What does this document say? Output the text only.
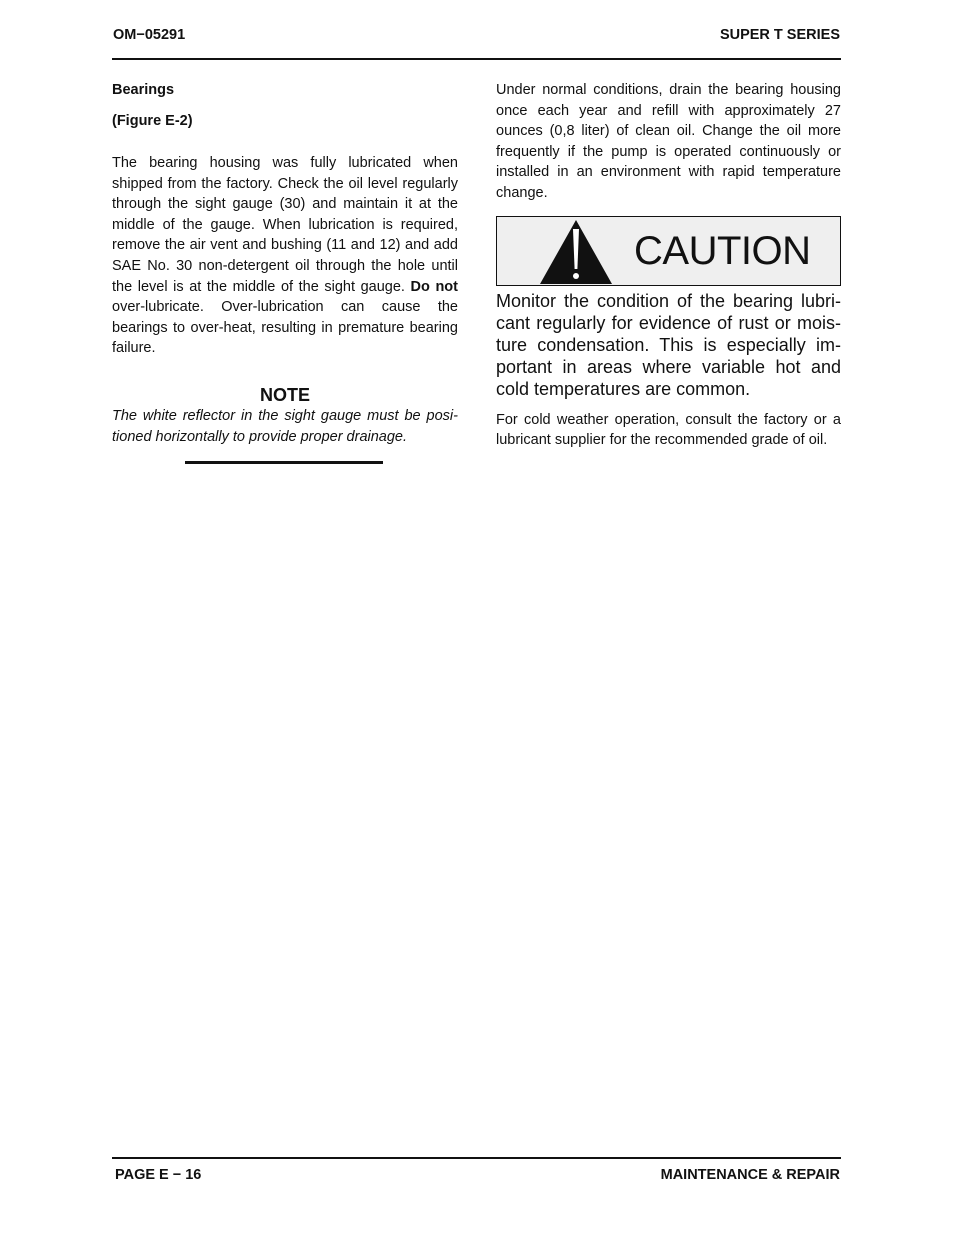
OM−05291	SUPER T SERIES

Bearings

(Figure E-2)

The bearing housing was fully lubricated when shipped from the factory. Check the oil level regularly through the sight gauge (30) and maintain it at the middle of the gauge. When lubrication is required, remove the air vent and bushing (11 and 12) and add SAE No. 30 non-detergent oil through the hole until the level is at the middle of the sight gauge. Do not over-lubricate. Over-lubrication can cause the bearings to over-heat, resulting in premature bearing failure.

NOTE

The white reflector in the sight gauge must be positioned horizontally to provide proper drainage.

Under normal conditions, drain the bearing housing once each year and refill with approximately 27 ounces (0,8 liter) of clean oil. Change the oil more frequently if the pump is operated continuously or installed in an environment with rapid temperature change.

CAUTION

Monitor the condition of the bearing lubricant regularly for evidence of rust or moisture condensation. This is especially important in areas where variable hot and cold temperatures are common.

For cold weather operation, consult the factory or a lubricant supplier for the recommended grade of oil.

PAGE E − 16	MAINTENANCE & REPAIR
